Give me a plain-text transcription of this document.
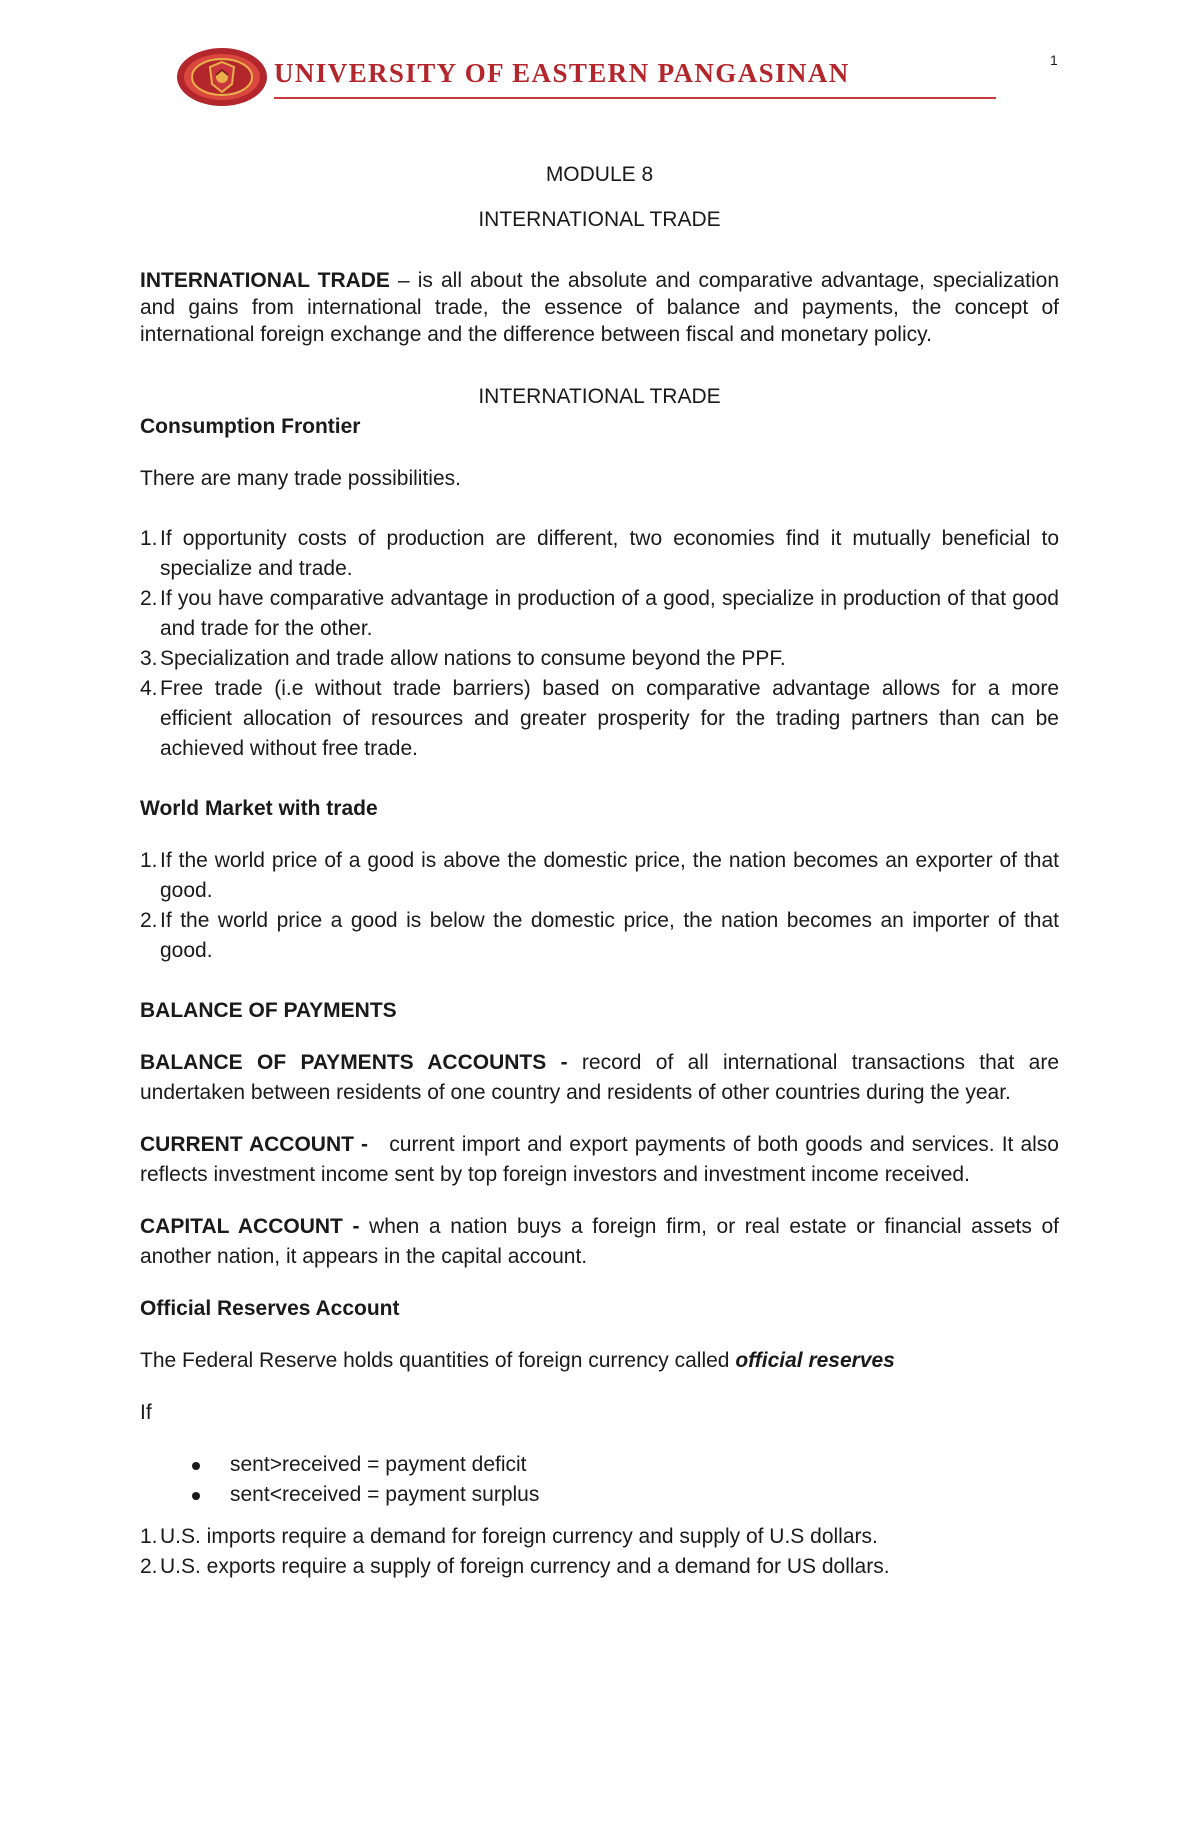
1
UNIVERSITY OF EASTERN PANGASINAN

MODULE 8

INTERNATIONAL TRADE

INTERNATIONAL TRADE – is all about the absolute and comparative advantage, specialization and gains from international trade, the essence of balance and payments, the concept of international foreign exchange and the difference between fiscal and monetary policy.

INTERNATIONAL TRADE

Consumption Frontier

There are many trade possibilities.

1. If opportunity costs of production are different, two economies find it mutually beneficial to specialize and trade.
2. If you have comparative advantage in production of a good, specialize in production of that good and trade for the other.
3. Specialization and trade allow nations to consume beyond the PPF.
4. Free trade (i.e without trade barriers) based on comparative advantage allows for a more efficient allocation of resources and greater prosperity for the trading partners than can be achieved without free trade.

World Market with trade

1. If the world price of a good is above the domestic price, the nation becomes an exporter of that good.
2. If the world price a good is below the domestic price, the nation becomes an importer of that good.

BALANCE OF PAYMENTS

BALANCE OF PAYMENTS ACCOUNTS - record of all international transactions that are undertaken between residents of one country and residents of other countries during the year.

CURRENT ACCOUNT -   current import and export payments of both goods and services. It also reflects investment income sent by top foreign investors and investment income received.

CAPITAL ACCOUNT - when a nation buys a foreign firm, or real estate or financial assets of another nation, it appears in the capital account.

Official Reserves Account

The Federal Reserve holds quantities of foreign currency called official reserves

If

sent>received = payment deficit
sent<received = payment surplus
1. U.S. imports require a demand for foreign currency and supply of U.S dollars.
2. U.S. exports require a supply of foreign currency and a demand for US dollars.
